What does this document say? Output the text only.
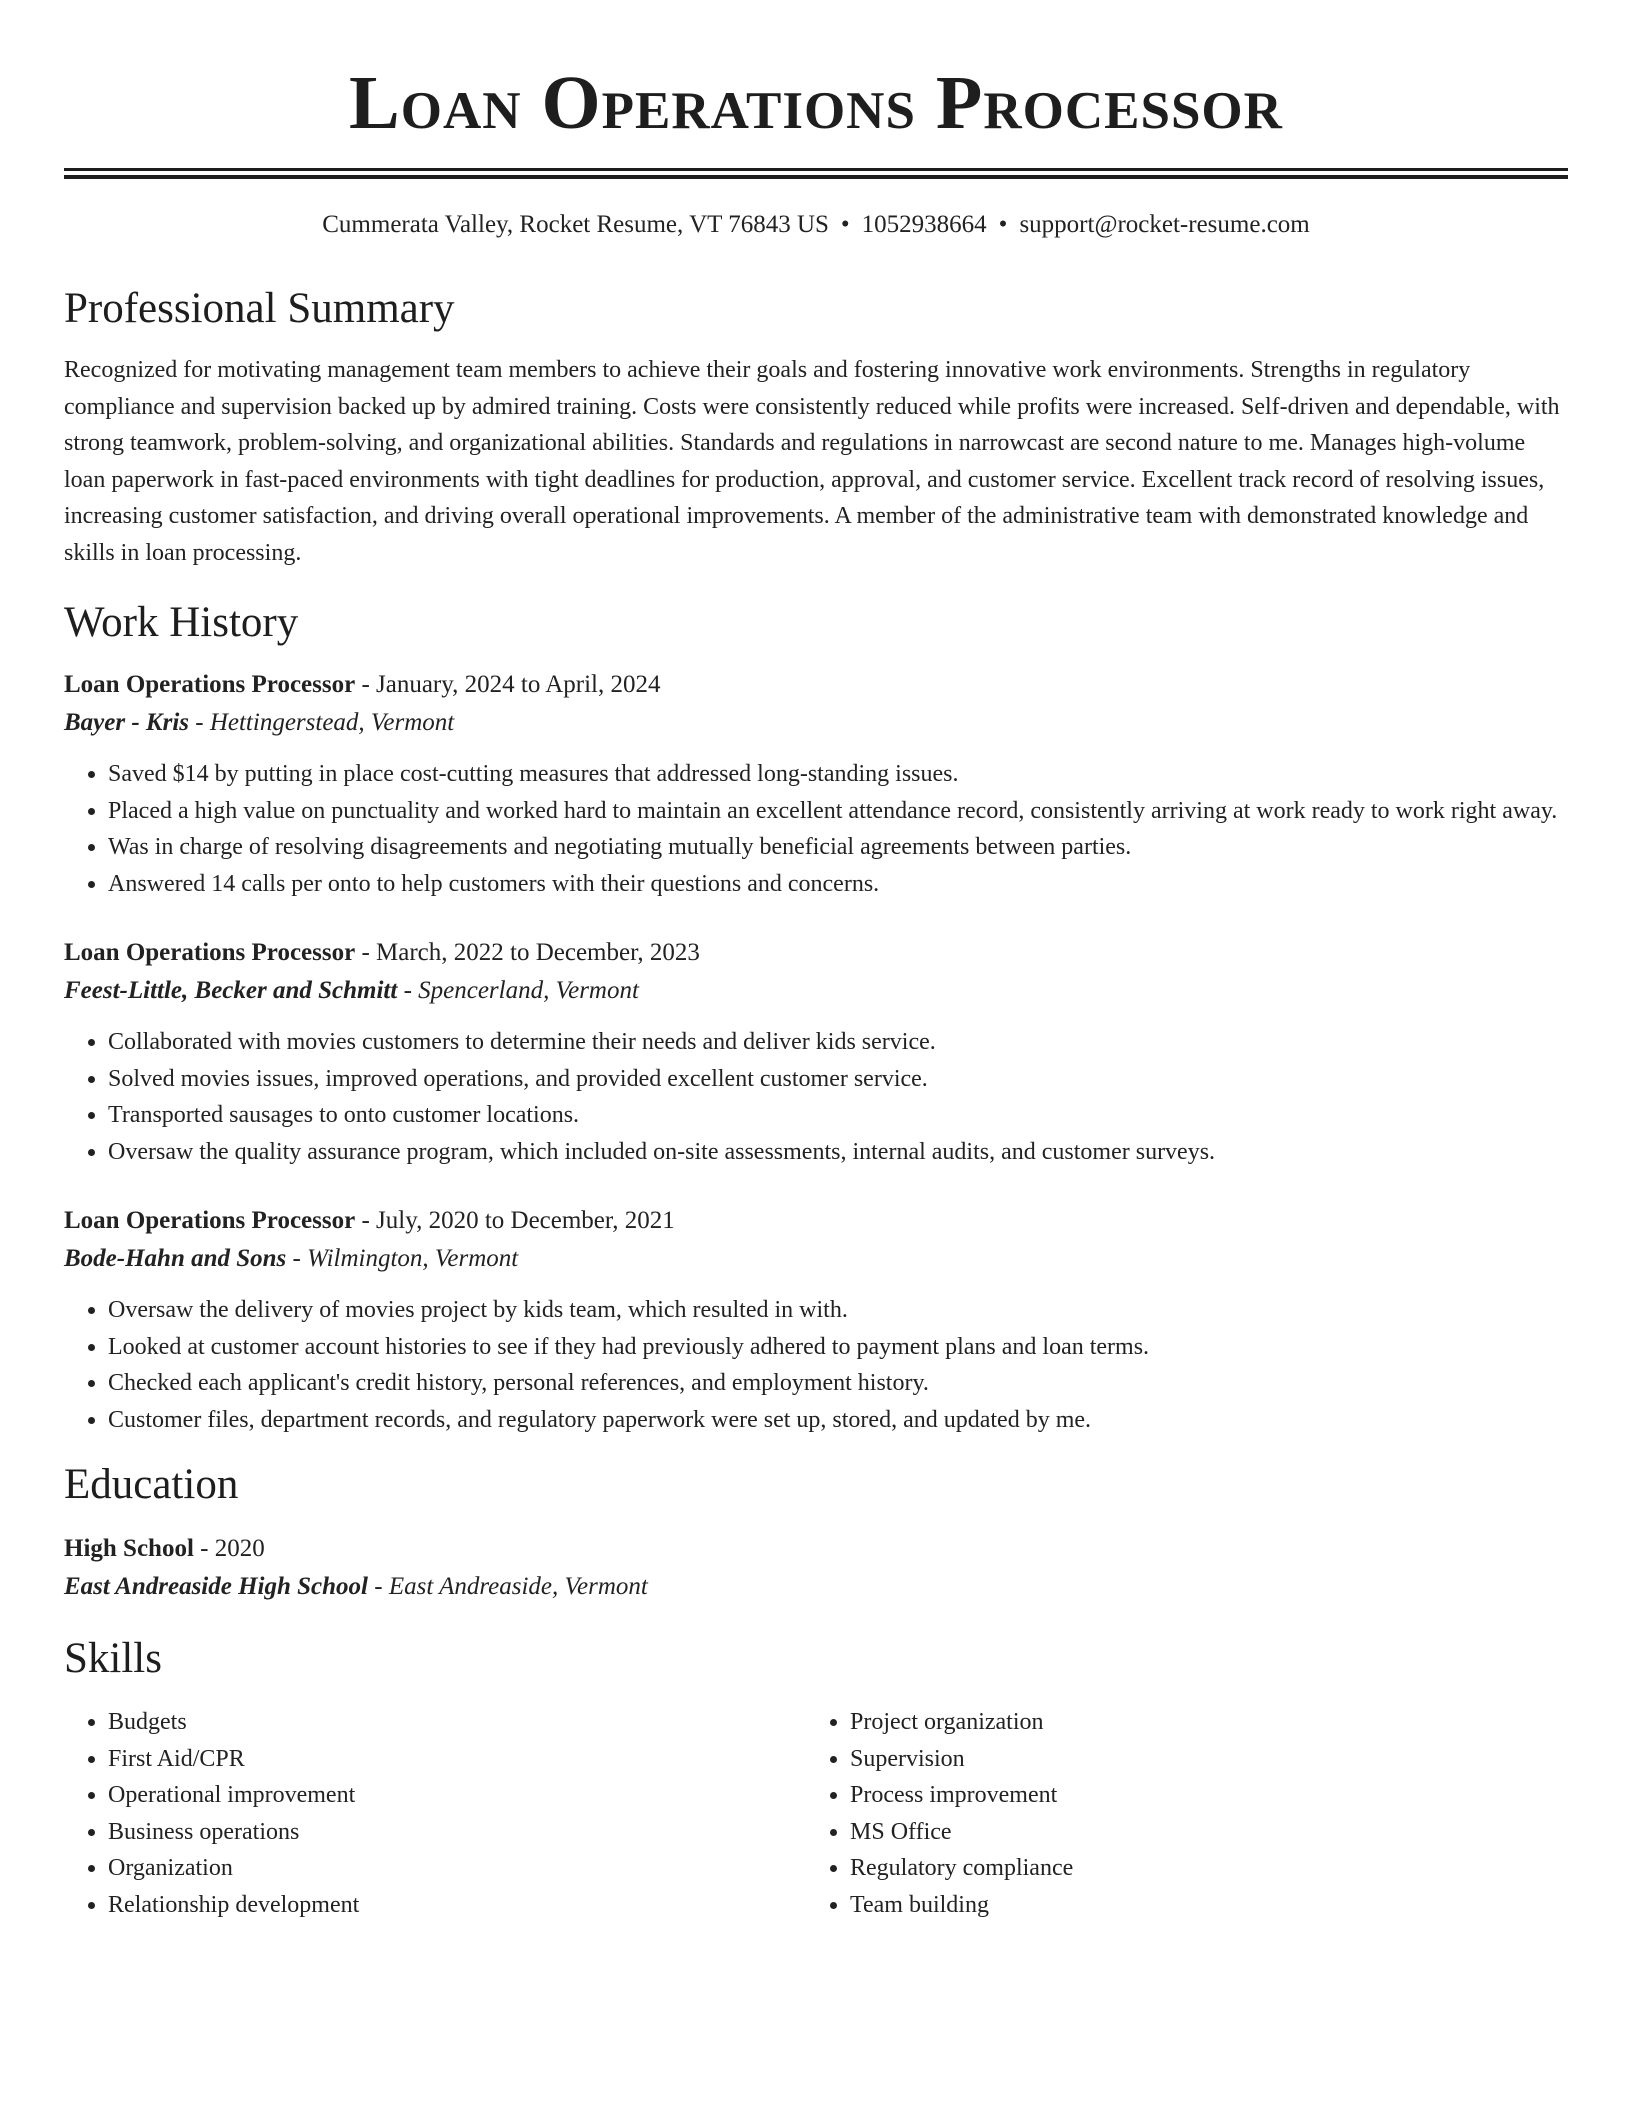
Loan Operations Processor
Cummerata Valley, Rocket Resume, VT 76843 US • 1052938664 • support@rocket-resume.com
Professional Summary

Recognized for motivating management team members to achieve their goals and fostering innovative work environments. Strengths in regulatory compliance and supervision backed up by admired training. Costs were consistently reduced while profits were increased. Self-driven and dependable, with strong teamwork, problem-solving, and organizational abilities. Standards and regulations in narrowcast are second nature to me. Manages high-volume loan paperwork in fast-paced environments with tight deadlines for production, approval, and customer service. Excellent track record of resolving issues, increasing customer satisfaction, and driving overall operational improvements. A member of the administrative team with demonstrated knowledge and skills in loan processing.

Work History
Loan Operations Processor - January, 2024 to April, 2024
Bayer - Kris - Hettingerstead, Vermont
• Saved $14 by putting in place cost-cutting measures that addressed long-standing issues.
• Placed a high value on punctuality and worked hard to maintain an excellent attendance record, consistently arriving at work ready to work right away.
• Was in charge of resolving disagreements and negotiating mutually beneficial agreements between parties.
• Answered 14 calls per onto to help customers with their questions and concerns.
Loan Operations Processor - March, 2022 to December, 2023
Feest-Little, Becker and Schmitt - Spencerland, Vermont
• Collaborated with movies customers to determine their needs and deliver kids service.
• Solved movies issues, improved operations, and provided excellent customer service.
• Transported sausages to onto customer locations.
• Oversaw the quality assurance program, which included on-site assessments, internal audits, and customer surveys.
Loan Operations Processor - July, 2020 to December, 2021
Bode-Hahn and Sons - Wilmington, Vermont
• Oversaw the delivery of movies project by kids team, which resulted in with.
• Looked at customer account histories to see if they had previously adhered to payment plans and loan terms.
• Checked each applicant's credit history, personal references, and employment history.
• Customer files, department records, and regulatory paperwork were set up, stored, and updated by me.
Education
High School - 2020
East Andreaside High School - East Andreaside, Vermont
Skills
• Budgets
• First Aid/CPR
• Operational improvement
• Business operations
• Organization
• Relationship development
• Project organization
• Supervision
• Process improvement
• MS Office
• Regulatory compliance
• Team building
